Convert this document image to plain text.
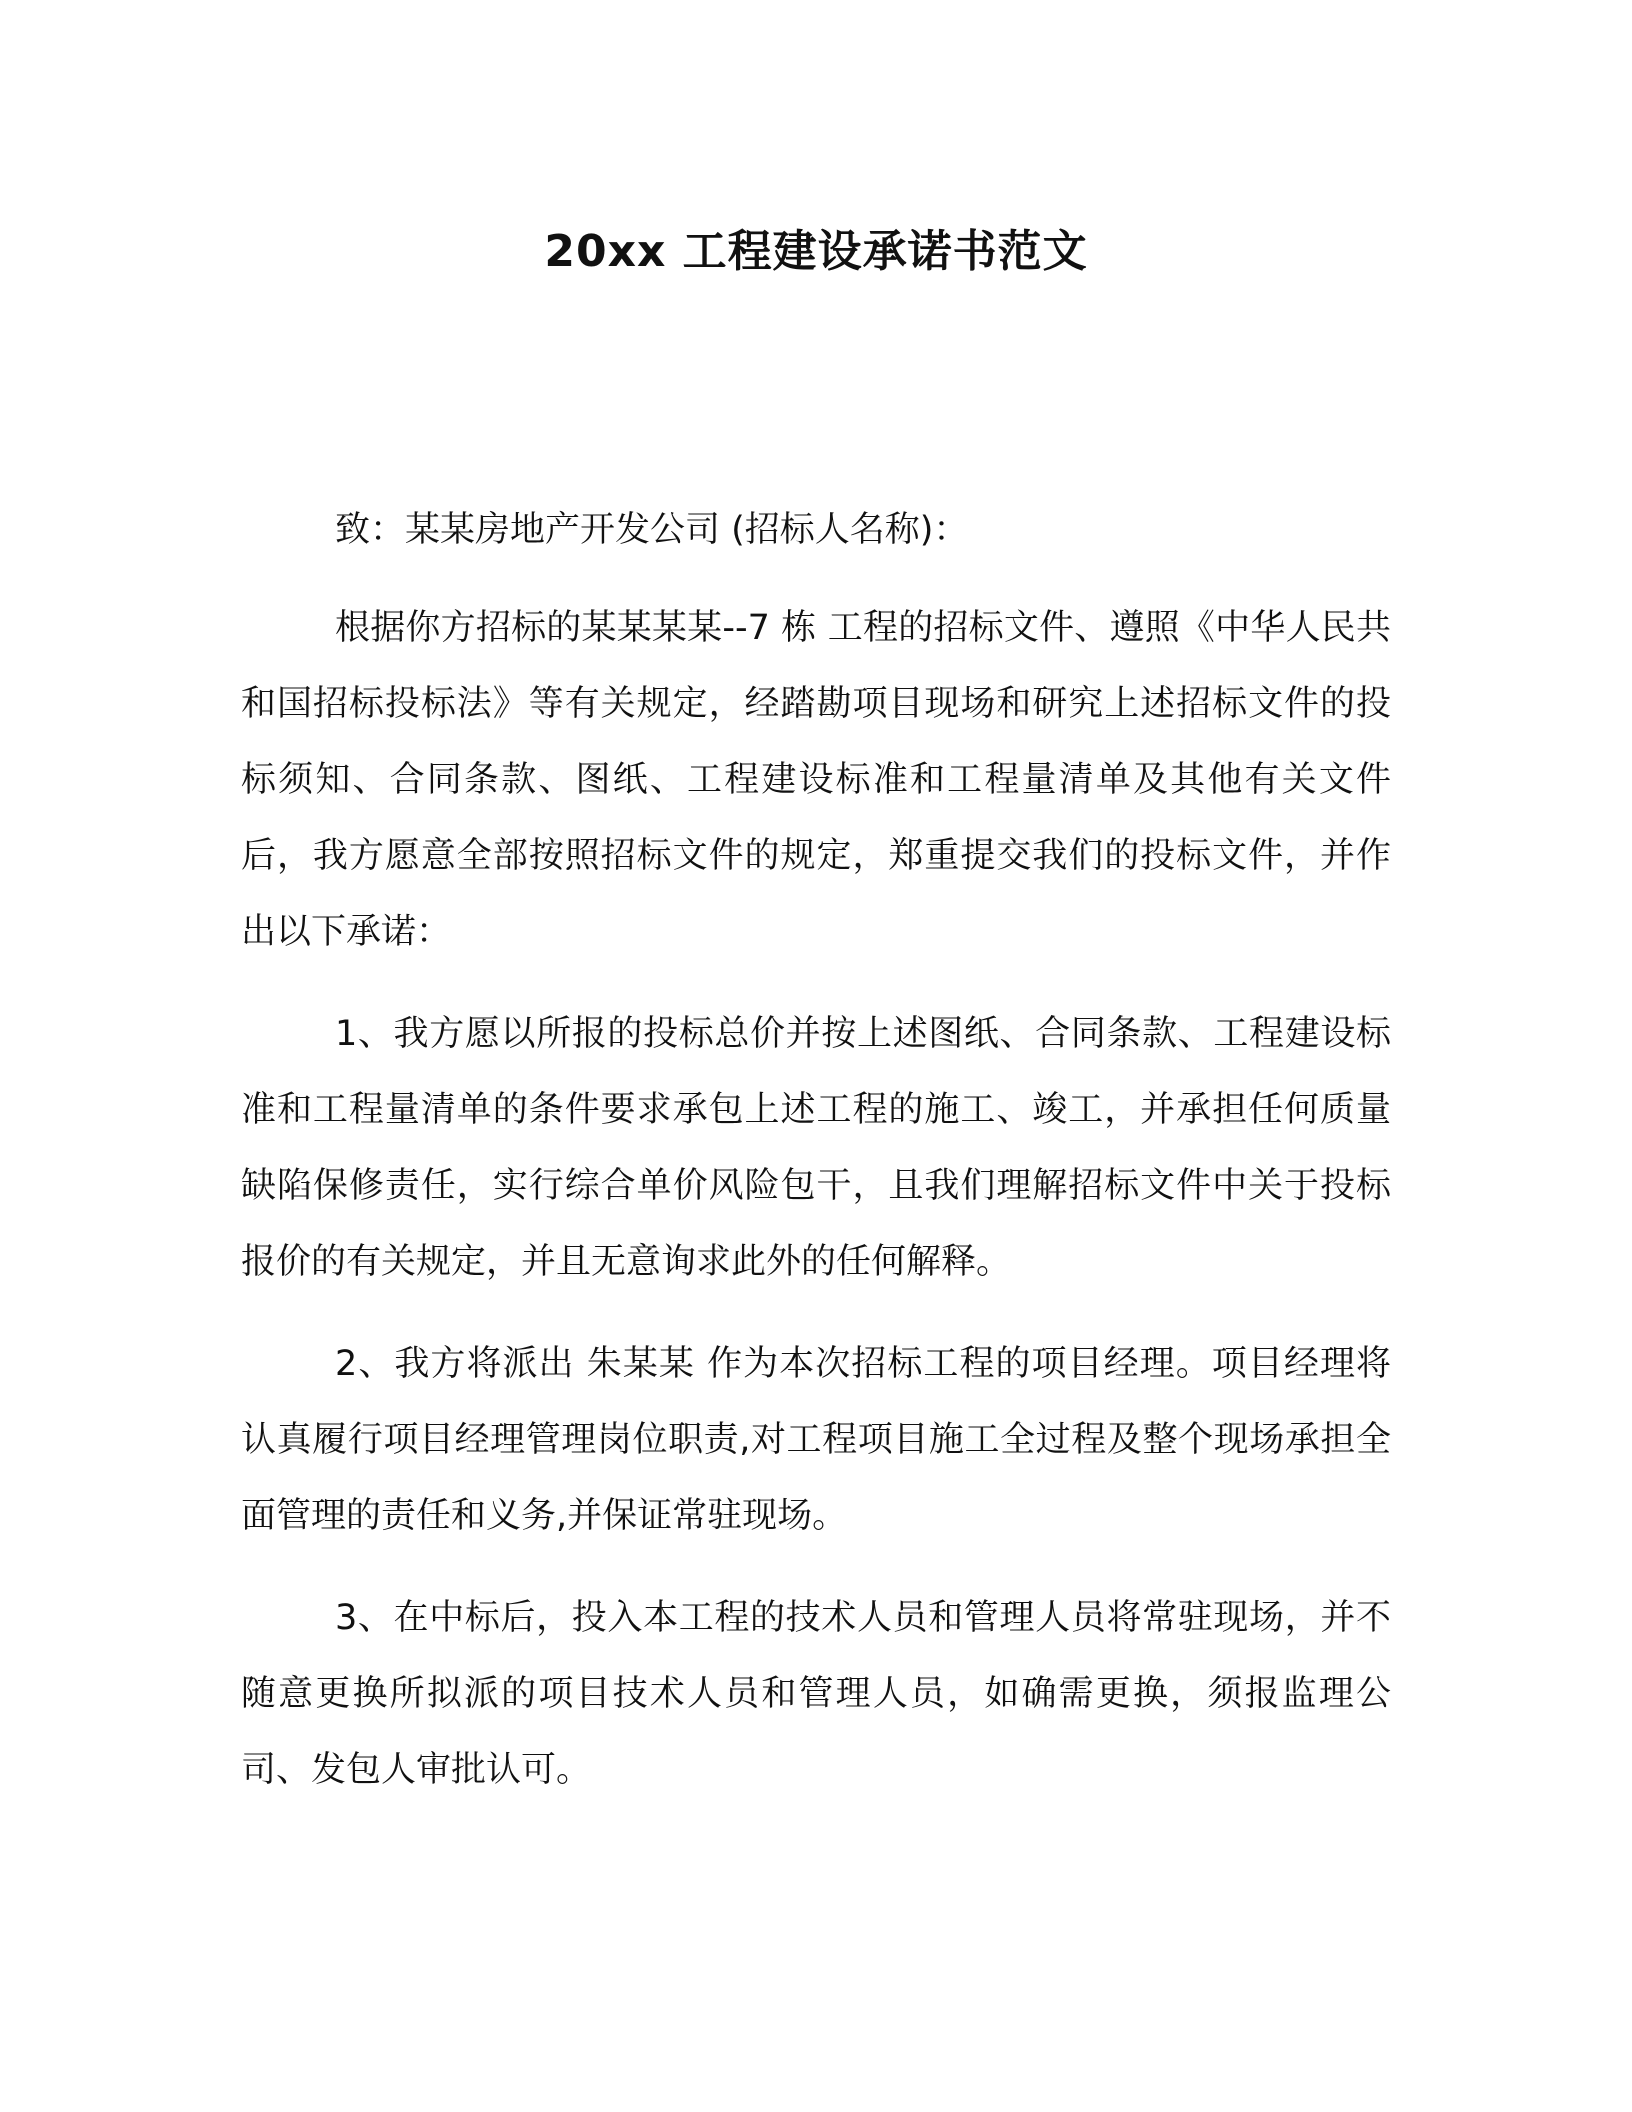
20xx 工程建设承诺书范文

致：某某房地产开发公司 (招标人名称)：

根据你方招标的某某某某--7 栋 工程的招标文件、遵照《中华人民共和国招标投标法》等有关规定，经踏勘项目现场和研究上述招标文件的投标须知、合同条款、图纸、工程建设标准和工程量清单及其他有关文件后，我方愿意全部按照招标文件的规定，郑重提交我们的投标文件，并作出以下承诺：

1、我方愿以所报的投标总价并按上述图纸、合同条款、工程建设标准和工程量清单的条件要求承包上述工程的施工、竣工，并承担任何质量缺陷保修责任，实行综合单价风险包干，且我们理解招标文件中关于投标报价的有关规定，并且无意询求此外的任何解释。

2、我方将派出 朱某某 作为本次招标工程的项目经理。项目经理将认真履行项目经理管理岗位职责,对工程项目施工全过程及整个现场承担全面管理的责任和义务,并保证常驻现场。

3、在中标后，投入本工程的技术人员和管理人员将常驻现场，并不随意更换所拟派的项目技术人员和管理人员，如确需更换，须报监理公司、发包人审批认可。
